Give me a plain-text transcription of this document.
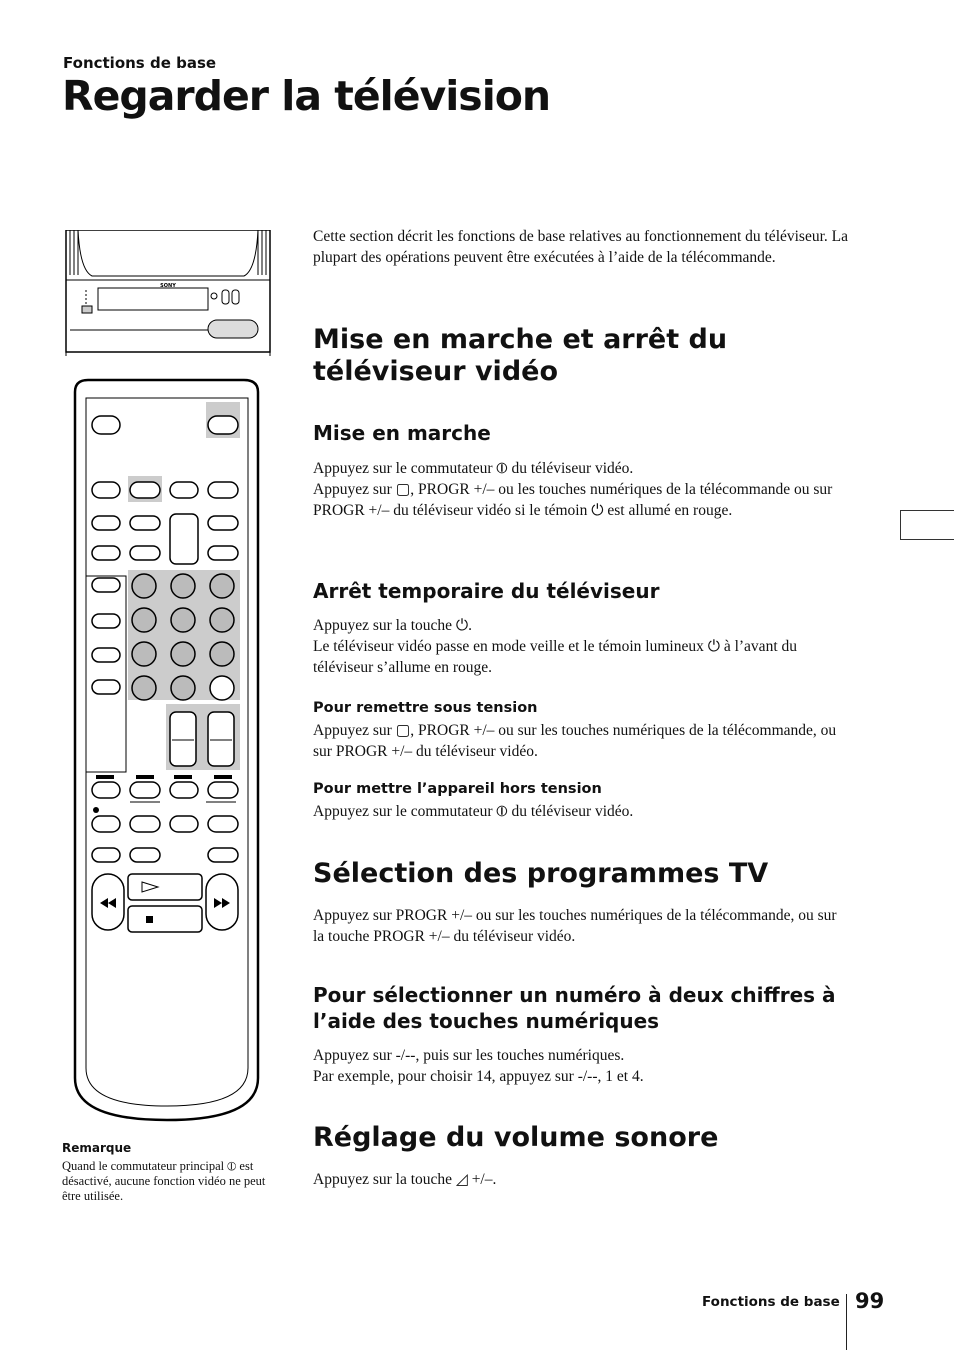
Fonctions de base
Regarder la télévision
SONY

Cette section décrit les fonctions de base relatives au fonctionnement du téléviseur. La plupart des opérations peuvent être exécutées à l’aide de la télécommande.

Mise en marche et arrêt du téléviseur vidéo
Mise en marche

Appuyez sur le commutateur ⦶ du téléviseur vidéo.

Appuyez sur ▢, PROGR +/– ou les touches numériques de la télécommande ou sur PROGR +/– du téléviseur vidéo si le témoin ⏻ est allumé en rouge.

Arrêt temporaire du téléviseur

Appuyez sur la touche ⏻.

Le téléviseur vidéo passe en mode veille et le témoin lumineux ⏻ à l’avant du téléviseur s’allume en rouge.

Pour remettre sous tension

Appuyez sur ▢, PROGR +/– ou sur les touches numériques de la télécommande, ou sur PROGR +/– du téléviseur vidéo.

Pour mettre l’appareil hors tension

Appuyez sur le commutateur ⦶ du téléviseur vidéo.

Sélection des programmes TV

Appuyez sur PROGR +/– ou sur les touches numériques de la télécommande, ou sur la touche PROGR +/– du téléviseur vidéo.

Pour sélectionner un numéro à deux chiffres à l’aide des touches numériques

Appuyez sur -/--, puis sur les touches numériques.

Par exemple, pour choisir 14, appuyez sur -/--, 1 et 4.

Réglage du volume sonore

Appuyez sur la touche ◿ +/–.

Remarque
Quand le commutateur principal ⦶ est désactivé, aucune fonction vidéo ne peut être utilisée.
Fonctions de base 99
